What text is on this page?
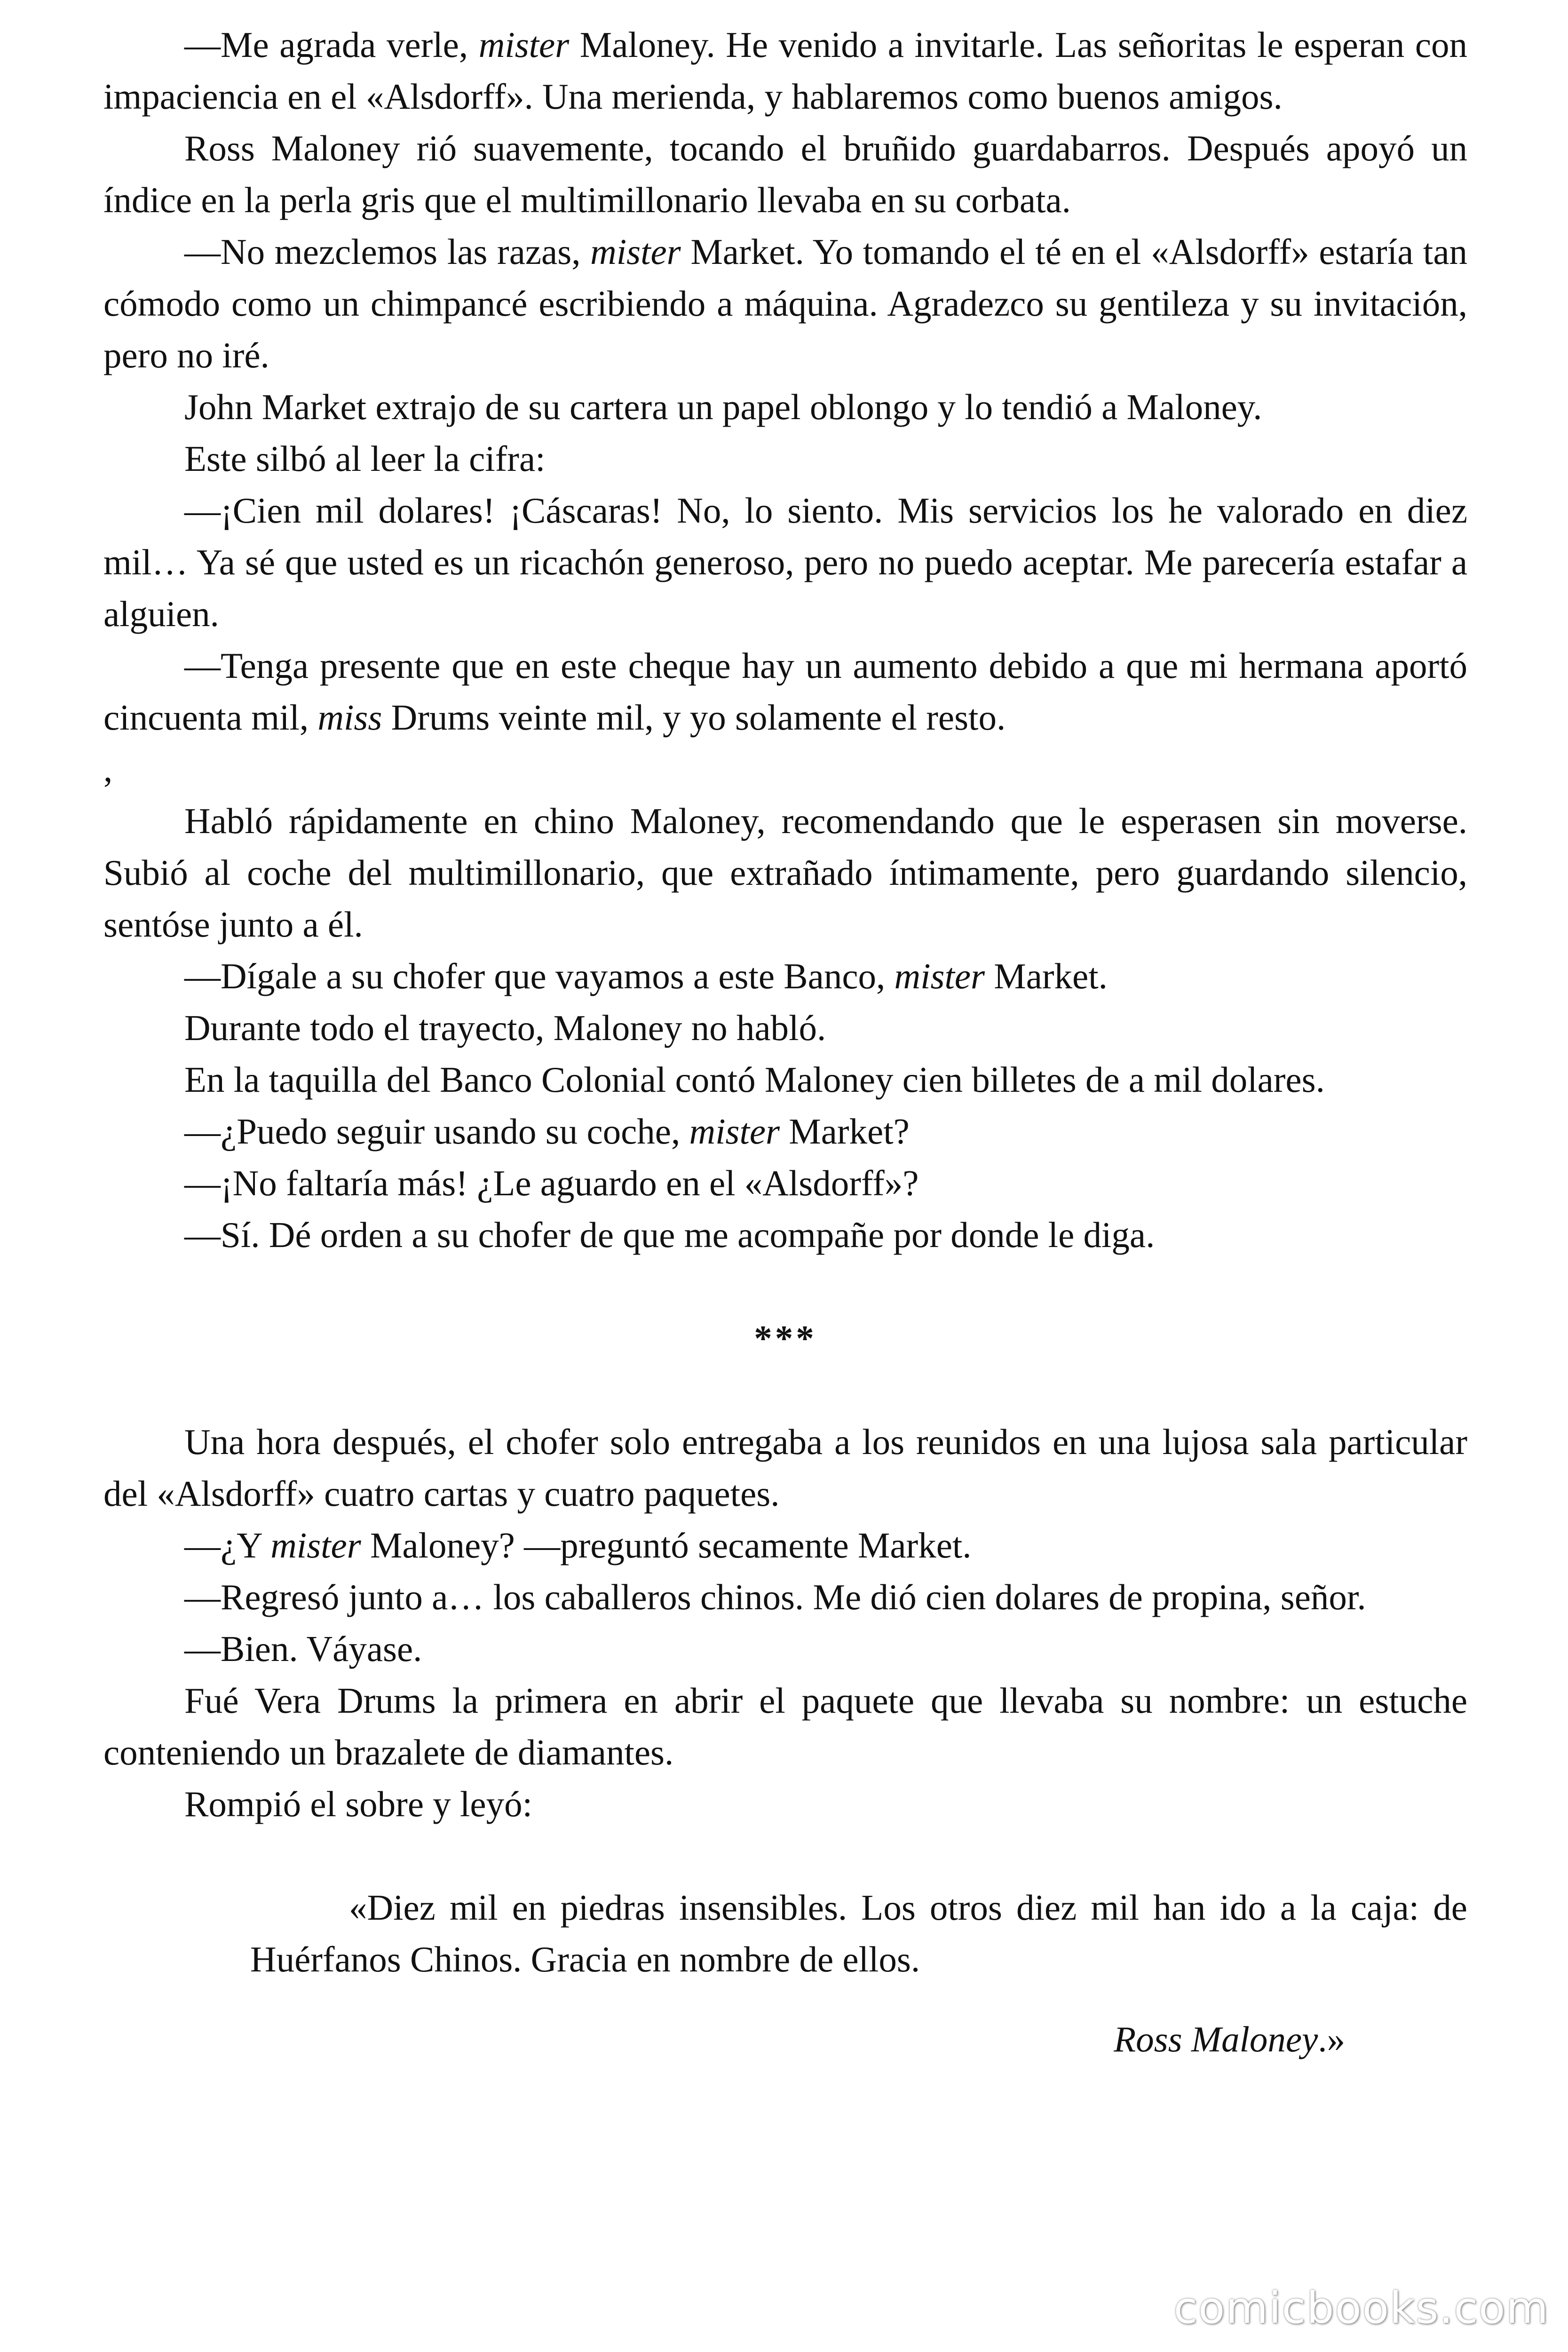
—Me agrada verle, mister Maloney. He venido a invitarle. Las señoritas le esperan con impaciencia en el «Alsdorff». Una merienda, y hablaremos como buenos amigos.

Ross Maloney rió suavemente, tocando el bruñido guardabarros. Después apoyó un índice en la perla gris que el multimillonario llevaba en su corbata.

—No mezclemos las razas, mister Market. Yo tomando el té en el «Alsdorff» estaría tan cómodo como un chimpancé escribiendo a máquina. Agradezco su gentileza y su invitación, pero no iré.

John Market extrajo de su cartera un papel oblongo y lo tendió a Maloney.

Este silbó al leer la cifra:

—¡Cien mil dolares! ¡Cáscaras! No, lo siento. Mis servicios los he valorado en diez mil… Ya sé que usted es un ricachón generoso, pero no puedo aceptar. Me parecería estafar a alguien.

—Tenga presente que en este cheque hay un aumento debido a que mi hermana aportó cincuenta mil, miss Drums veinte mil, y yo solamente el resto.

,

Habló rápidamente en chino Maloney, recomendando que le esperasen sin moverse. Subió al coche del multimillonario, que extrañado íntimamente, pero guardando silencio, sentóse junto a él.

—Dígale a su chofer que vayamos a este Banco, mister Market.

Durante todo el trayecto, Maloney no habló.

En la taquilla del Banco Colonial contó Maloney cien billetes de a mil dolares.

—¿Puedo seguir usando su coche, mister Market?

—¡No faltaría más! ¿Le aguardo en el «Alsdorff»?

—Sí. Dé orden a su chofer de que me acompañe por donde le diga.

***

Una hora después, el chofer solo entregaba a los reunidos en una lujosa sala particular del «Alsdorff» cuatro cartas y cuatro paquetes.

—¿Y mister Maloney? —preguntó secamente Market.

—Regresó junto a… los caballeros chinos. Me dió cien dolares de propina, señor.

—Bien. Váyase.

Fué Vera Drums la primera en abrir el paquete que llevaba su nombre: un estuche conteniendo un brazalete de diamantes.

Rompió el sobre y leyó:

«Diez mil en piedras insensibles. Los otros diez mil han ido a la caja: de Huérfanos Chinos. Gracia en nombre de ellos.

Ross Maloney.»

comicbooks.com
